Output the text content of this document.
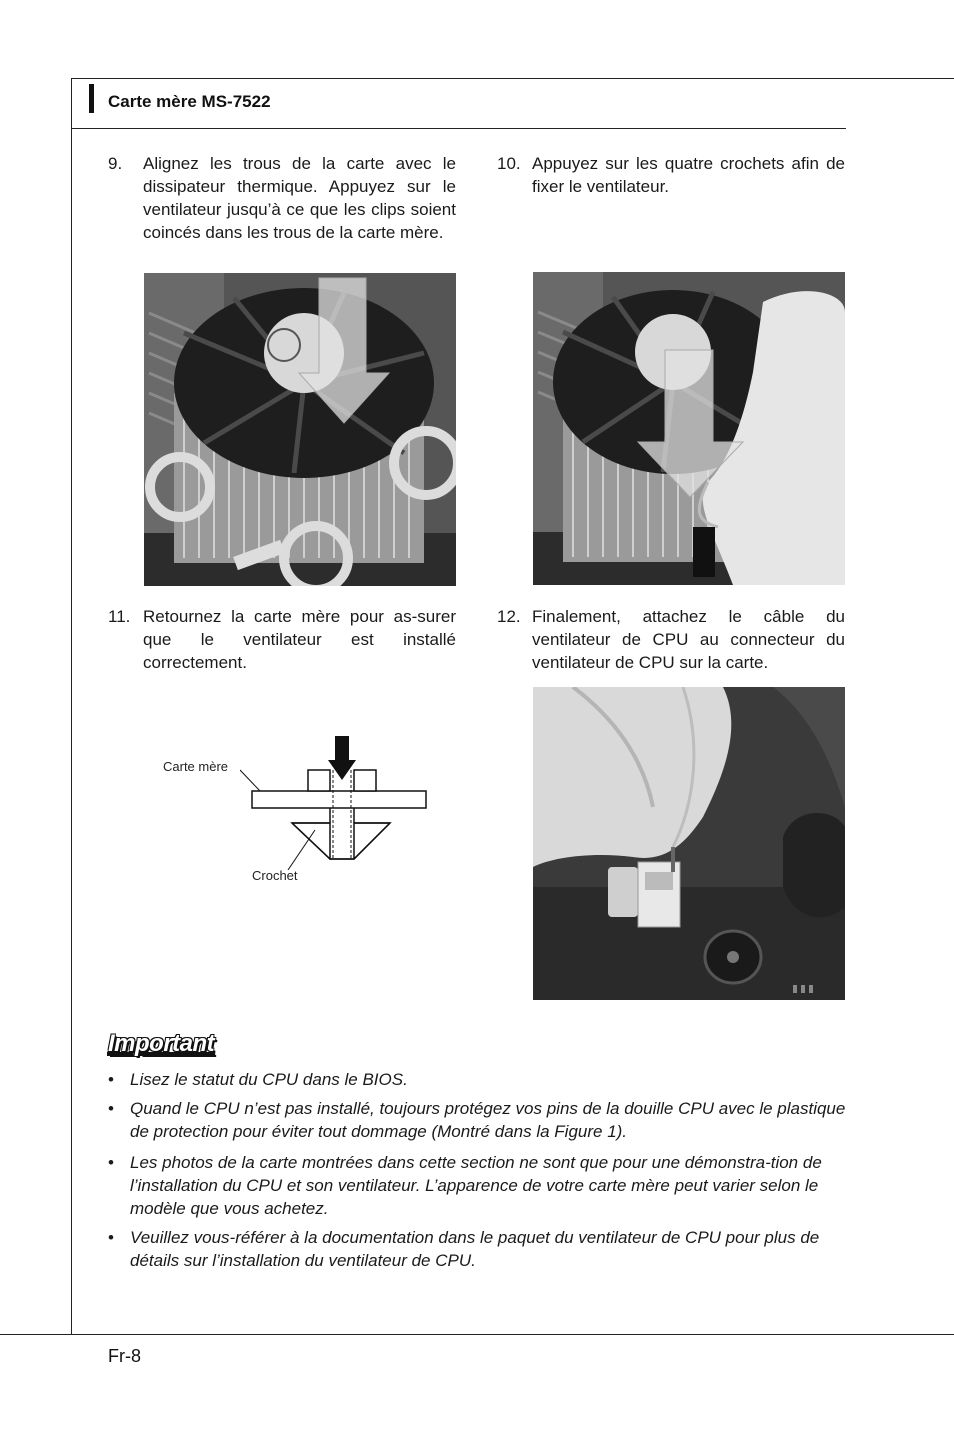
Carte mère MS-7522
9. Alignez les trous de la carte avec le dissipateur thermique. Appuyez sur le ventilateur jusqu’à ce que les clips soient coincés dans les trous de la carte mère.
10. Appuyez sur les quatre crochets afin de fixer le ventilateur.
11. Retournez la carte mère pour as-surer que le ventilateur est installé correctement.
12. Finalement, attachez le câble du ventilateur de CPU au connecteur du ventilateur de CPU sur la carte.
Carte mère
Crochet
Important
• Lisez le statut du CPU dans le BIOS.
• Quand le CPU n’est pas installé, toujours protégez vos pins de la douille CPU avec le plastique de protection pour éviter tout dommage (Montré dans la Figure 1).
• Les photos de la carte montrées dans cette section ne sont que pour une démonstra-tion de l’installation du CPU et son ventilateur. L’apparence de votre carte mère peut varier selon le modèle que vous achetez.
• Veuillez vous-référer à la documentation dans le paquet du ventilateur de CPU pour plus de détails sur l’installation du ventilateur de CPU.
Fr-8
